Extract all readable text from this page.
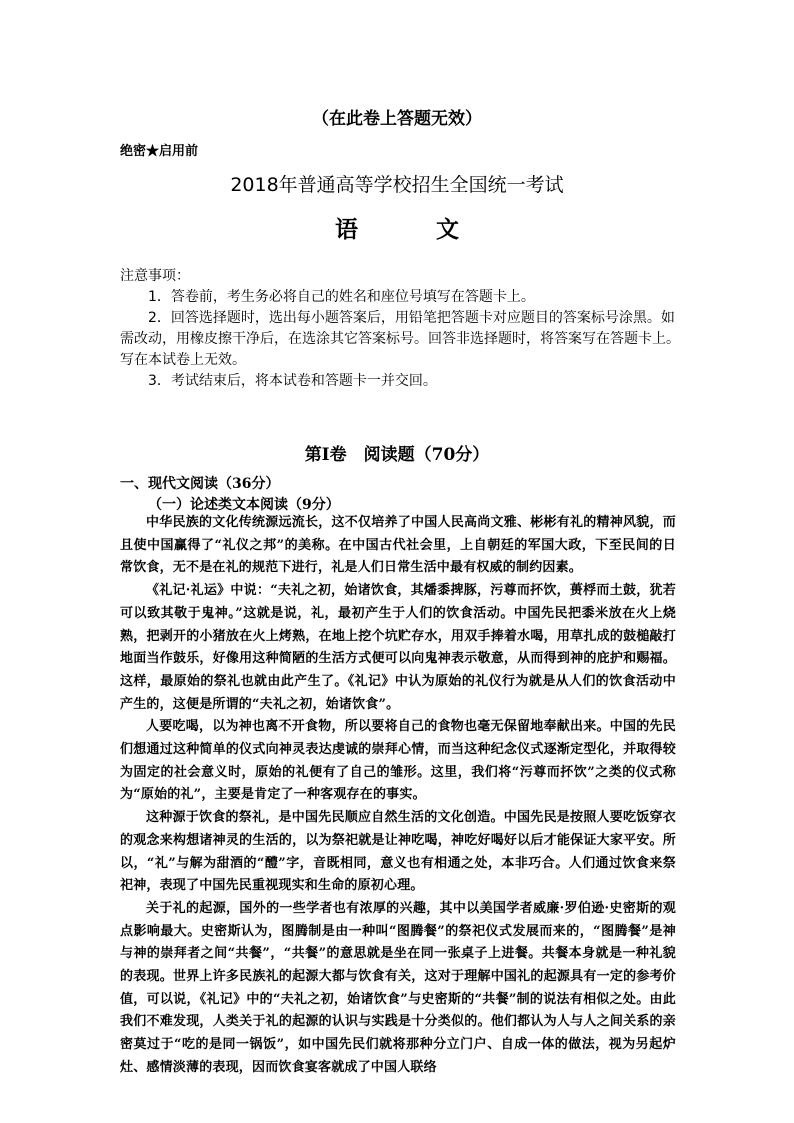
（在此卷上答题无效）
绝密★启用前
2018年普通高等学校招生全国统一考试
语文
注意事项：
1．答卷前，考生务必将自己的姓名和座位号填写在答题卡上。
2．回答选择题时，选出每小题答案后，用铅笔把答题卡对应题目的答案标号涂黑。如需改动，用橡皮擦干净后，在选涂其它答案标号。回答非选择题时，将答案写在答题卡上。写在本试卷上无效。
3．考试结束后，将本试卷和答题卡一并交回。
第Ⅰ卷　阅读题（70分）
一、现代文阅读（36分）
（一）论述类文本阅读（9分）

中华民族的文化传统源远流长，这不仅培养了中国人民高尚文雅、彬彬有礼的精神风貌，而且使中国赢得了“礼仪之邦”的美称。在中国古代社会里，上自朝廷的军国大政，下至民间的日常饮食，无不是在礼的规范下进行，礼是人们日常生活中最有权威的制约因素。

《礼记·礼运》中说：“夫礼之初，始诸饮食，其燔黍捭豚，污尊而抔饮，蒉桴而土鼓，犹若可以致其敬于鬼神。”这就是说，礼，最初产生于人们的饮食活动。中国先民把黍米放在火上烧熟，把剥开的小猪放在火上烤熟，在地上挖个坑贮存水，用双手捧着水喝，用草扎成的鼓槌敲打地面当作鼓乐，好像用这种简陋的生活方式便可以向鬼神表示敬意，从而得到神的庇护和赐福。这样，最原始的祭礼也就由此产生了。《礼记》中认为原始的礼仪行为就是从人们的饮食活动中产生的，这便是所谓的“夫礼之初，始诸饮食”。

人要吃喝，以为神也离不开食物，所以要将自己的食物也毫无保留地奉献出来。中国的先民们想通过这种简单的仪式向神灵表达虔诚的崇拜心情，而当这种纪念仪式逐渐定型化，并取得较为固定的社会意义时，原始的礼便有了自己的雏形。这里，我们将“污尊而抔饮”之类的仪式称为“原始的礼”，主要是肯定了一种客观存在的事实。

这种源于饮食的祭礼，是中国先民顺应自然生活的文化创造。中国先民是按照人要吃饭穿衣的观念来构想诸神灵的生活的，以为祭祀就是让神吃喝，神吃好喝好以后才能保证大家平安。所以，“礼”与解为甜酒的“醴”字，音既相同，意义也有相通之处，本非巧合。人们通过饮食来祭祀神，表现了中国先民重视现实和生命的原初心理。

关于礼的起源，国外的一些学者也有浓厚的兴趣，其中以美国学者威廉·罗伯逊·史密斯的观点影响最大。史密斯认为，图腾制是由一种叫“图腾餐”的祭祀仪式发展而来的，“图腾餐”是神与神的崇拜者之间“共餐”，“共餐”的意思就是坐在同一张桌子上进餐。共餐本身就是一种礼貌的表现。世界上许多民族礼的起源大都与饮食有关，这对于理解中国礼的起源具有一定的参考价值，可以说，《礼记》中的“夫礼之初，始诸饮食”与史密斯的“共餐”制的说法有相似之处。由此我们不难发现，人类关于礼的起源的认识与实践是十分类似的。他们都认为人与人之间关系的亲密莫过于“吃的是同一锅饭”，如中国先民们就将那种分立门户、自成一体的做法，视为另起炉灶、感情淡薄的表现，因而饮食宴客就成了中国人联络
